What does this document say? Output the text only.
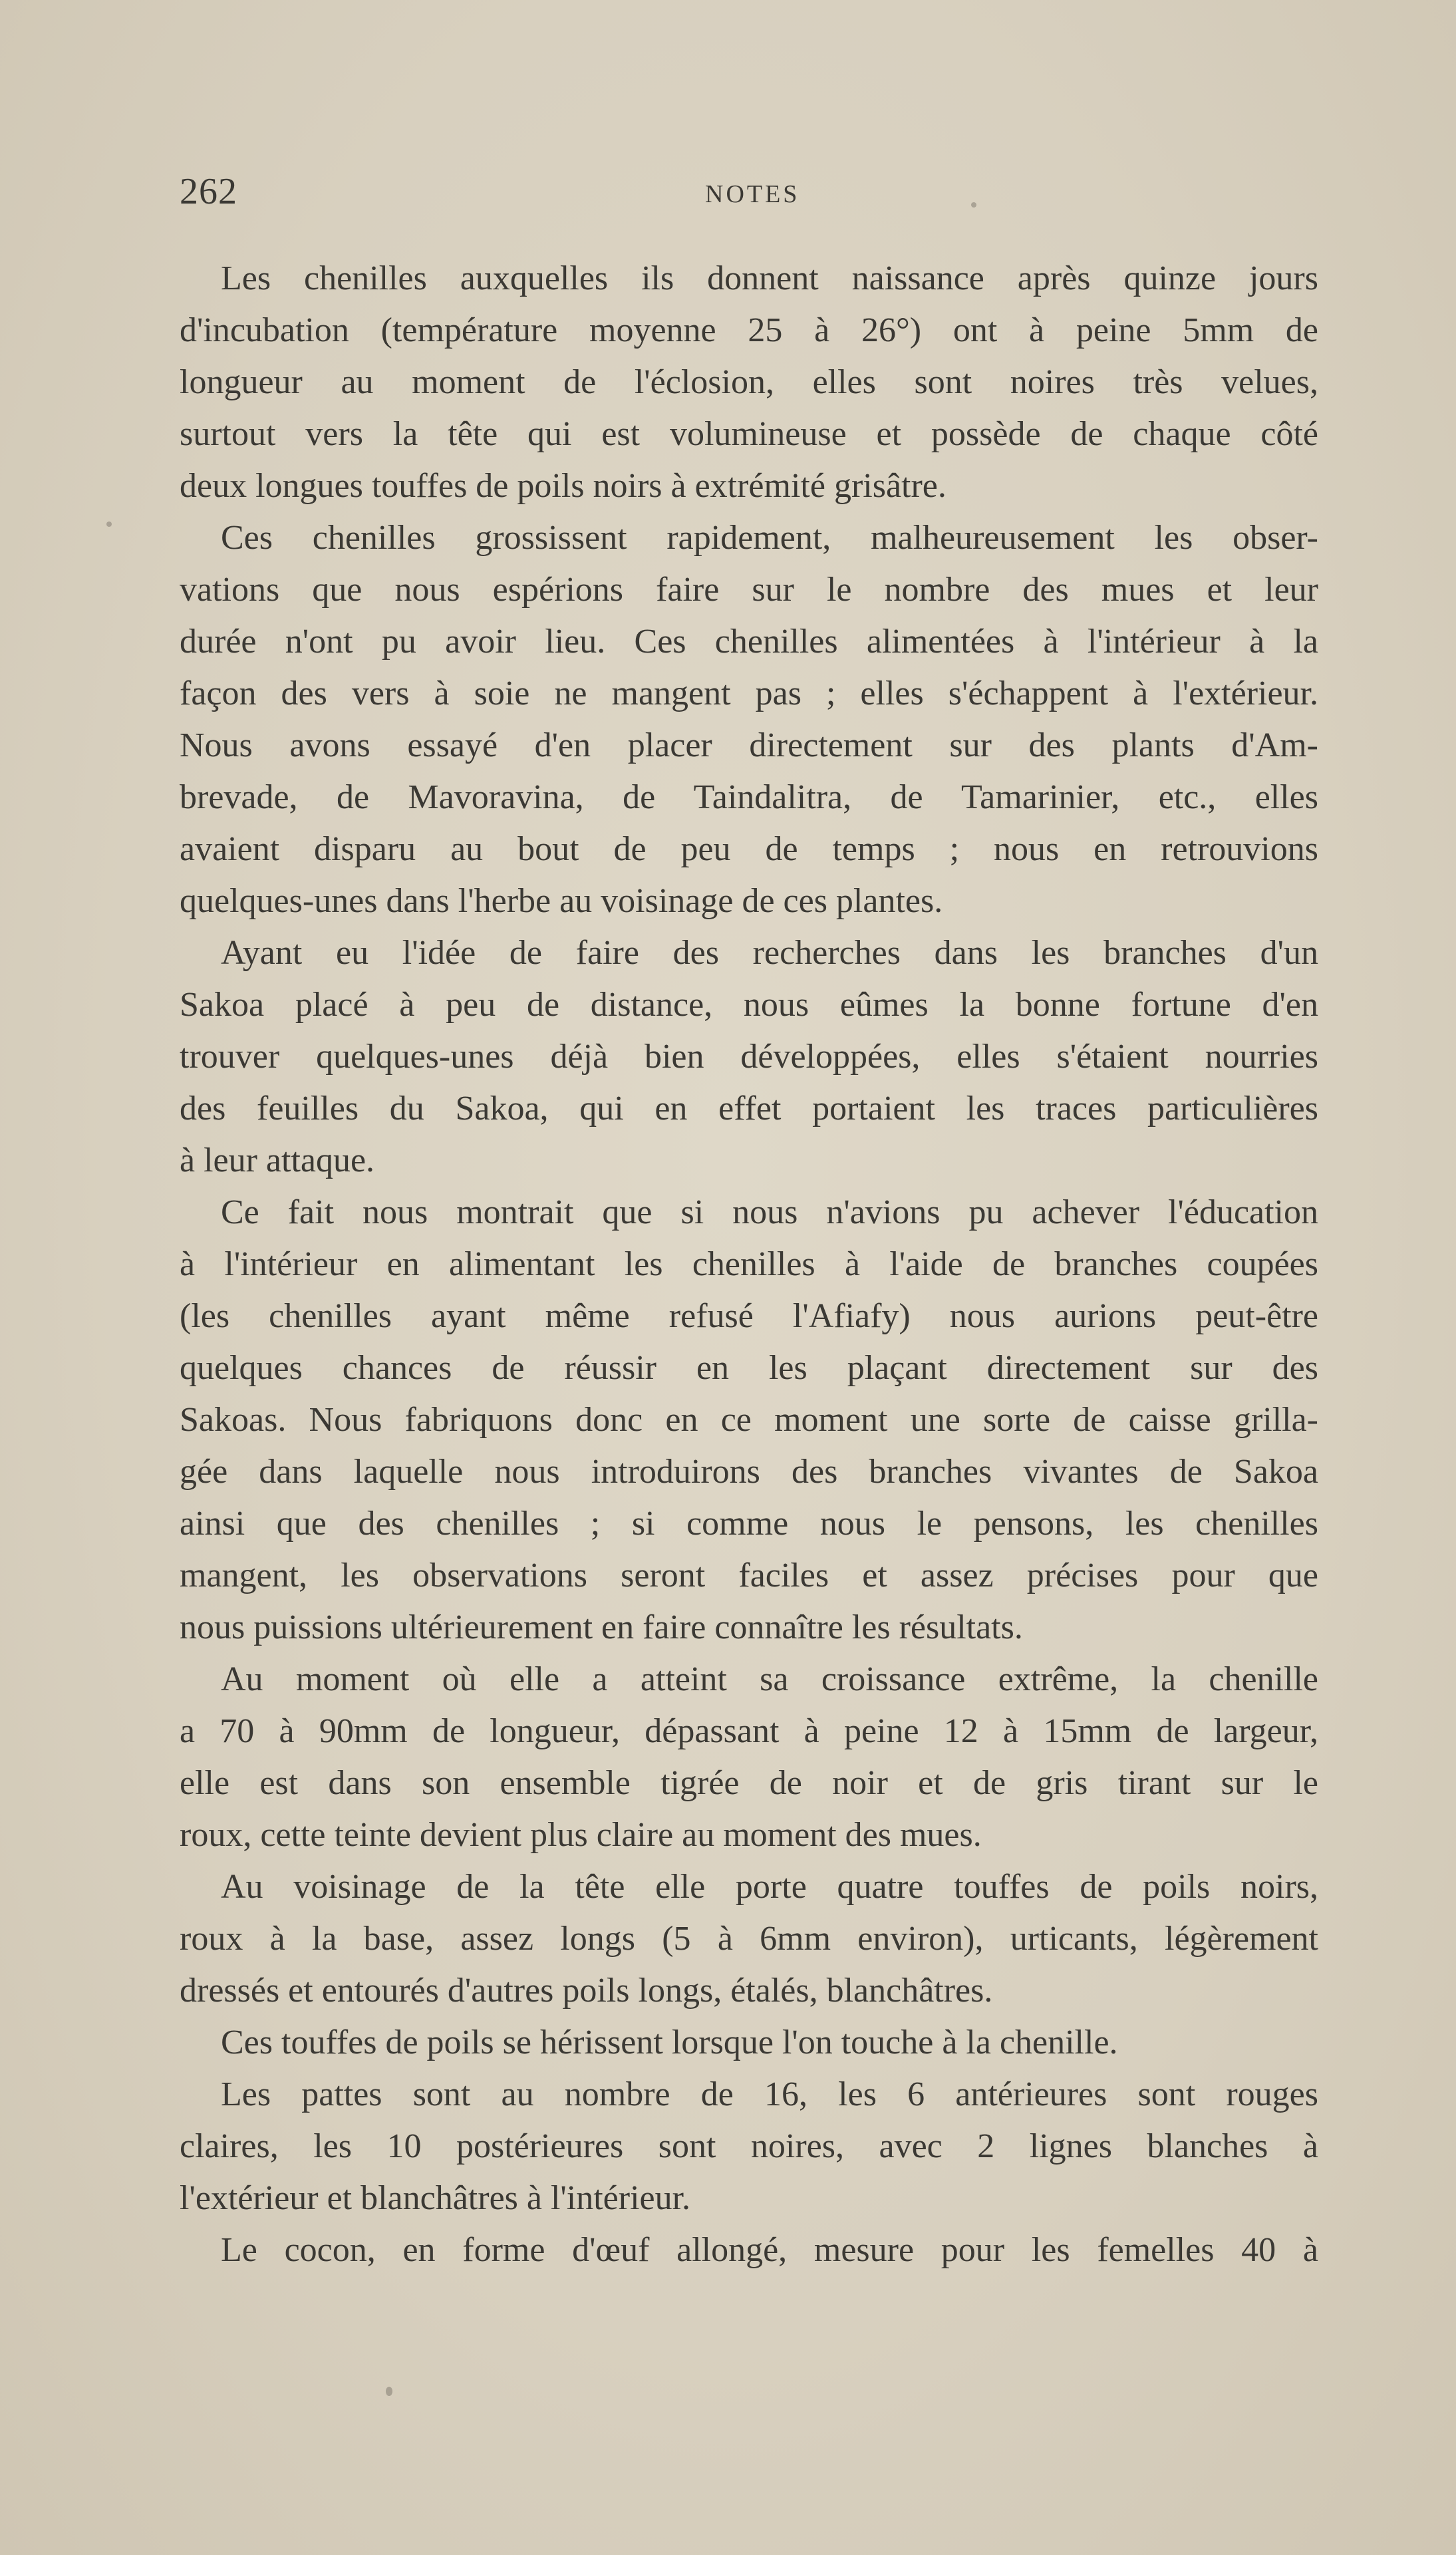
262	NOTES
Les chenilles auxquelles ils donnent naissance après quinze jours
d'incubation (température moyenne 25 à 26°) ont à peine 5mm de
longueur au moment de l'éclosion, elles sont noires très velues,
surtout vers la tête qui est volumineuse et possède de chaque côté
deux longues touffes de poils noirs à extrémité grisâtre.
Ces chenilles grossissent rapidement, malheureusement les obser-
vations que nous espérions faire sur le nombre des mues et leur
durée n'ont pu avoir lieu. Ces chenilles alimentées à l'intérieur à la
façon des vers à soie ne mangent pas ; elles s'échappent à l'extérieur.
Nous avons essayé d'en placer directement sur des plants d'Am-
brevade, de Mavoravina, de Taindalitra, de Tamarinier, etc., elles
avaient disparu au bout de peu de temps ; nous en retrouvions
quelques-unes dans l'herbe au voisinage de ces plantes.
Ayant eu l'idée de faire des recherches dans les branches d'un
Sakoa placé à peu de distance, nous eûmes la bonne fortune d'en
trouver quelques-unes déjà bien développées, elles s'étaient nourries
des feuilles du Sakoa, qui en effet portaient les traces particulières
à leur attaque.
Ce fait nous montrait que si nous n'avions pu achever l'éducation
à l'intérieur en alimentant les chenilles à l'aide de branches coupées
(les chenilles ayant même refusé l'Afiafy) nous aurions peut-être
quelques chances de réussir en les plaçant directement sur des
Sakoas. Nous fabriquons donc en ce moment une sorte de caisse grilla-
gée dans laquelle nous introduirons des branches vivantes de Sakoa
ainsi que des chenilles ; si comme nous le pensons, les chenilles
mangent, les observations seront faciles et assez précises pour que
nous puissions ultérieurement en faire connaître les résultats.
Au moment où elle a atteint sa croissance extrême, la chenille
a 70 à 90mm de longueur, dépassant à peine 12 à 15mm de largeur,
elle est dans son ensemble tigrée de noir et de gris tirant sur le
roux, cette teinte devient plus claire au moment des mues.
Au voisinage de la tête elle porte quatre touffes de poils noirs,
roux à la base, assez longs (5 à 6mm environ), urticants, légèrement
dressés et entourés d'autres poils longs, étalés, blanchâtres.
Ces touffes de poils se hérissent lorsque l'on touche à la chenille.
Les pattes sont au nombre de 16, les 6 antérieures sont rouges
claires, les 10 postérieures sont noires, avec 2 lignes blanches à
l'extérieur et blanchâtres à l'intérieur.
Le cocon, en forme d'œuf allongé, mesure pour les femelles 40 à
